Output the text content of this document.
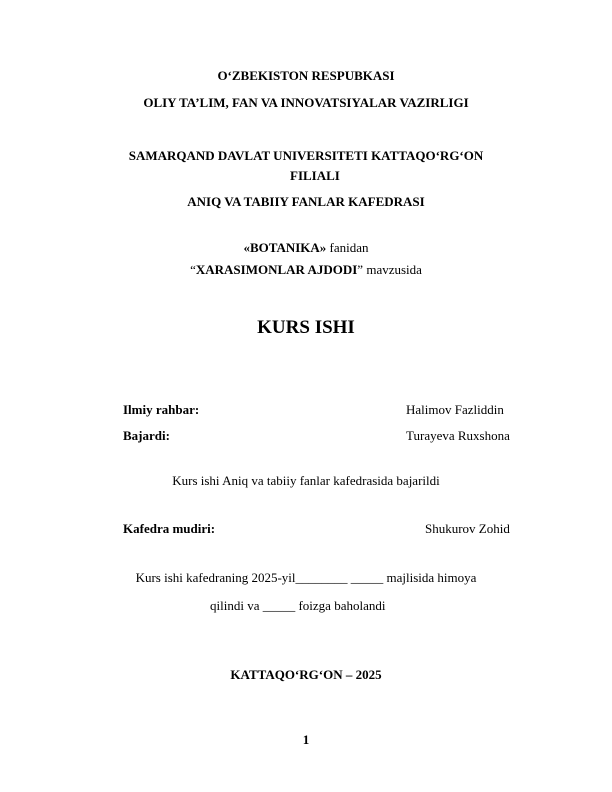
O‘ZBEKISTON RESPUBKASI
OLIY TA’LIM, FAN VA INNOVATSIYALAR VAZIRLIGI
SAMARQAND DAVLAT UNIVERSITETI KATTAQO‘RG‘ON
FILIALI
ANIQ VA TABIIY FANLAR KAFEDRASI
«BOTANIKA» fanidan
“XARASIMONLAR AJDODI” mavzusida
KURS ISHI
Ilmiy rahbar:	Halimov Fazliddin
Bajardi:	Turayeva Ruxshona
Kurs ishi Aniq va tabiiy fanlar kafedrasida bajarildi
Kafedra mudiri:	Shukurov Zohid
Kurs ishi kafedraning 2025-yil________ _____ majlisida himoya
qilindi va _____ foizga baholandi
KATTAQO‘RG‘ON – 2025
1
